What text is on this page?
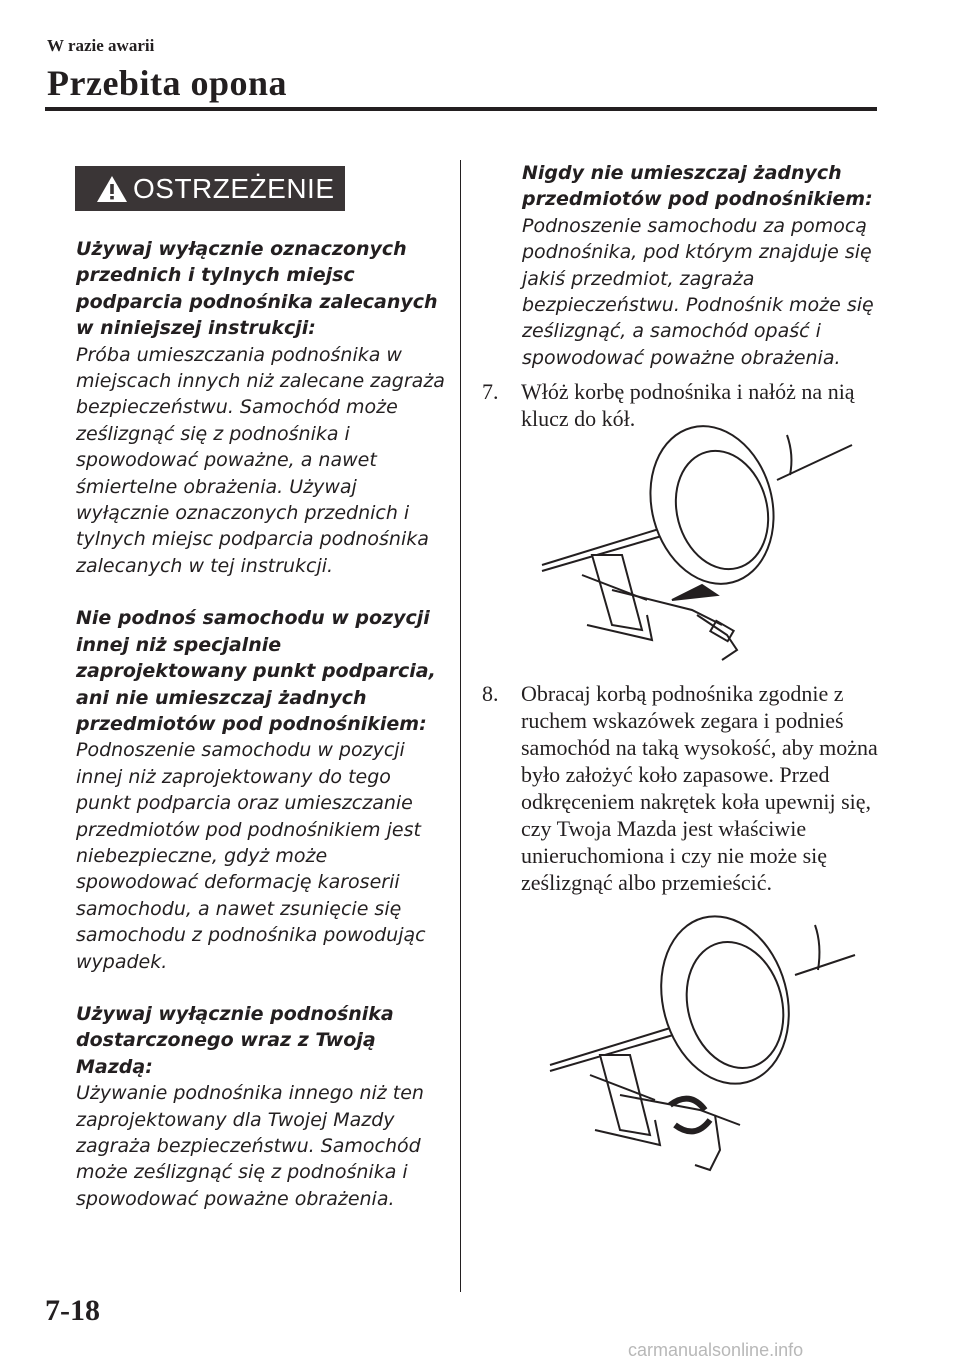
W razie awarii
Przebita opona
OSTRZEŻENIE

Używaj wyłącznie oznaczonych przednich i tylnych miejsc podparcia podnośnika zalecanych w niniejszej instrukcji:
Próba umieszczania podnośnika w miejscach innych niż zalecane zagraża bezpieczeństwu. Samochód może ześlizgnąć się z podnośnika i spowodować poważne, a nawet śmiertelne obrażenia. Używaj wyłącznie oznaczonych przednich i tylnych miejsc podparcia podnośnika zalecanych w tej instrukcji.

Nie podnoś samochodu w pozycji innej niż specjalnie zaprojektowany punkt podparcia, ani nie umieszczaj żadnych przedmiotów pod podnośnikiem:
Podnoszenie samochodu w pozycji innej niż zaprojektowany do tego punkt podparcia oraz umieszczanie przedmiotów pod podnośnikiem jest niebezpieczne, gdyż może spowodować deformację karoserii samochodu, a nawet zsunięcie się samochodu z podnośnika powodując wypadek.

Używaj wyłącznie podnośnika dostarczonego wraz z Twoją Mazdą:
Używanie podnośnika innego niż ten zaprojektowany dla Twojej Mazdy zagraża bezpieczeństwu. Samochód może ześlizgnąć się z podnośnika i spowodować poważne obrażenia.

Nigdy nie umieszczaj żadnych przedmiotów pod podnośnikiem:
Podnoszenie samochodu za pomocą podnośnika, pod którym znajduje się jakiś przedmiot, zagraża bezpieczeństwu. Podnośnik może się ześlizgnąć, a samochód opaść i spowodować poważne obrażenia.
7. Włóż korbę podnośnika i nałóż na nią klucz do kół.
8. Obracaj korbą podnośnika zgodnie z ruchem wskazówek zegara i podnieś samochód na taką wysokość, aby można było założyć koło zapasowe. Przed odkręceniem nakrętek koła upewnij się, czy Twoja Mazda jest właściwie unieruchomiona i czy nie może się ześlizgnąć albo przemieścić.
7-18
carmanualsonline.info
